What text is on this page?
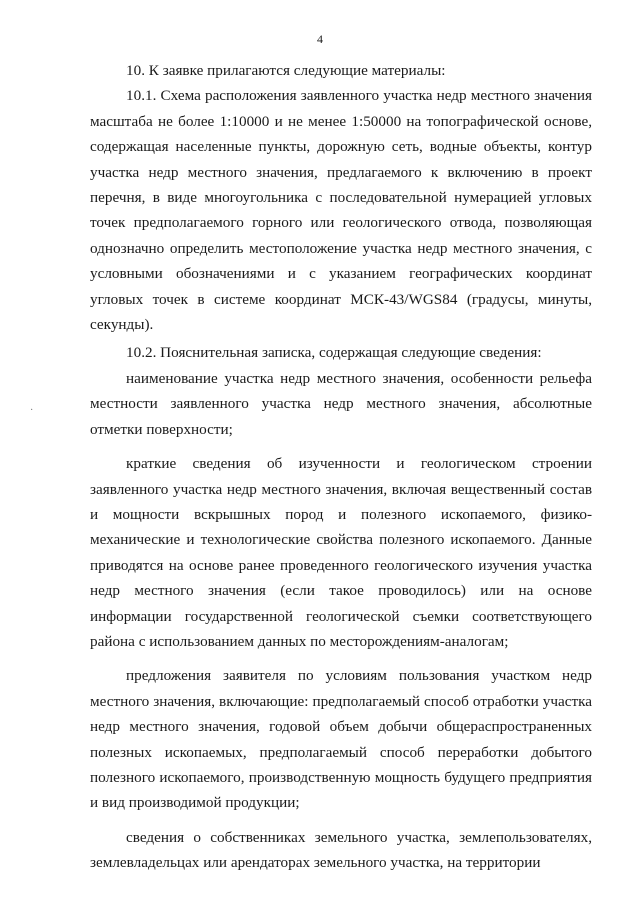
4
·

10. К заявке прилагаются следующие материалы:

10.1. Схема расположения заявленного участка недр местного значения масштаба не более 1:10000 и не менее 1:50000 на топографической основе, содержащая населенные пункты, дорожную сеть, водные объекты, контур участка недр местного значения, предлагаемого к включению в проект перечня, в виде многоугольника с последовательной нумерацией угловых точек предполагаемого горного или геологического отвода, позволяющая однозначно определить местоположение участка недр местного значения, с условными обозначениями и с указанием географических координат угловых точек в системе координат МСК-43/WGS84 (градусы, минуты, секунды).

10.2. Пояснительная записка, содержащая следующие сведения:

наименование участка недр местного значения, особенности рельефа местности заявленного участка недр местного значения, абсолютные отметки поверхности;

краткие сведения об изученности и геологическом строении заявленного участка недр местного значения, включая вещественный состав и мощности вскрышных пород и полезного ископаемого, физико-механические и технологические свойства полезного ископаемого. Данные приводятся на основе ранее проведенного геологического изучения участка недр местного значения (если такое проводилось) или на основе информации государственной геологической съемки соответствующего района с использованием данных по месторождениям-аналогам;

предложения заявителя по условиям пользования участком недр местного значения, включающие: предполагаемый способ отработки участка недр местного значения, годовой объем добычи общераспространенных полезных ископаемых, предполагаемый способ переработки добытого полезного ископаемого, производственную мощность будущего предприятия и вид производимой продукции;

сведения о собственниках земельного участка, землепользователях, землевладельцах или арендаторах земельного участка, на территории
